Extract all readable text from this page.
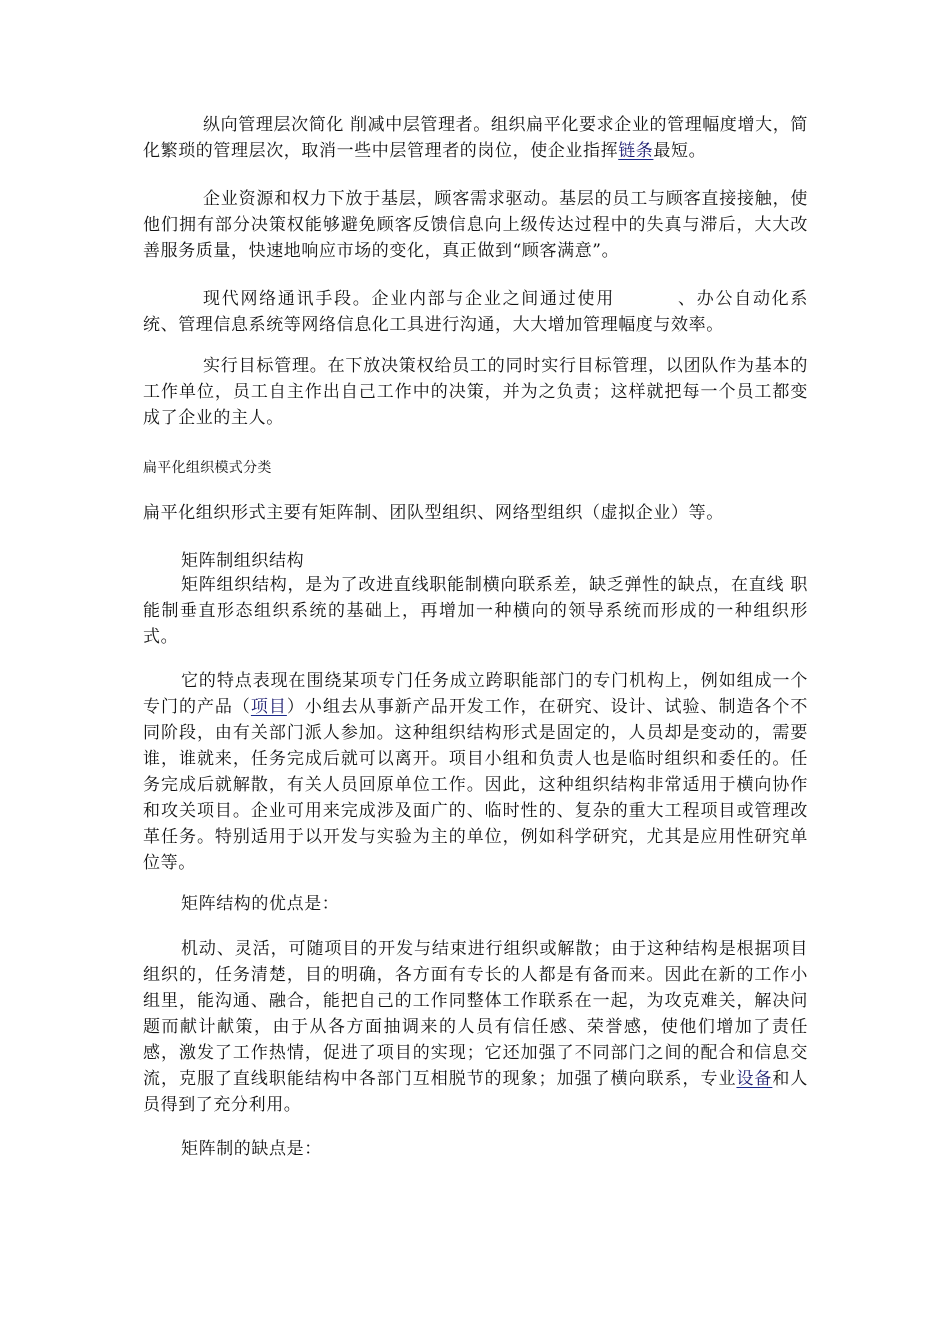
纵向管理层次简化 削减中层管理者。组织扁平化要求企业的管理幅度增大，简化繁琐的管理层次，取消一些中层管理者的岗位，使企业指挥链条最短。

企业资源和权力下放于基层，顾客需求驱动。基层的员工与顾客直接接触，使他们拥有部分决策权能够避免顾客反馈信息向上级传达过程中的失真与滞后，大大改善服务质量，快速地响应市场的变化，真正做到“顾客满意”。

现代网络通讯手段。企业内部与企业之间通过使用	、办公自动化系统、管理信息系统等网络信息化工具进行沟通，大大增加管理幅度与效率。

实行目标管理。在下放决策权给员工的同时实行目标管理，以团队作为基本的工作单位，员工自主作出自己工作中的决策，并为之负责；这样就把每一个员工都变成了企业的主人。

扁平化组织模式分类

扁平化组织形式主要有矩阵制、团队型组织、网络型组织（虚拟企业）等。

矩阵制组织结构

矩阵组织结构，是为了改进直线职能制横向联系差，缺乏弹性的缺点，在直线 职能制垂直形态组织系统的基础上，再增加一种横向的领导系统而形成的一种组织形式。

它的特点表现在围绕某项专门任务成立跨职能部门的专门机构上，例如组成一个专门的产品（项目）小组去从事新产品开发工作，在研究、设计、试验、制造各个不同阶段，由有关部门派人参加。这种组织结构形式是固定的，人员却是变动的，需要谁，谁就来，任务完成后就可以离开。项目小组和负责人也是临时组织和委任的。任务完成后就解散，有关人员回原单位工作。因此，这种组织结构非常适用于横向协作和攻关项目。企业可用来完成涉及面广的、临时性的、复杂的重大工程项目或管理改革任务。特别适用于以开发与实验为主的单位，例如科学研究，尤其是应用性研究单位等。

矩阵结构的优点是：

机动、灵活，可随项目的开发与结束进行组织或解散；由于这种结构是根据项目组织的，任务清楚，目的明确，各方面有专长的人都是有备而来。因此在新的工作小组里，能沟通、融合，能把自己的工作同整体工作联系在一起，为攻克难关，解决问题而献计献策，由于从各方面抽调来的人员有信任感、荣誉感，使他们增加了责任感，激发了工作热情，促进了项目的实现；它还加强了不同部门之间的配合和信息交流，克服了直线职能结构中各部门互相脱节的现象；加强了横向联系，专业设备和人员得到了充分利用。

矩阵制的缺点是：
